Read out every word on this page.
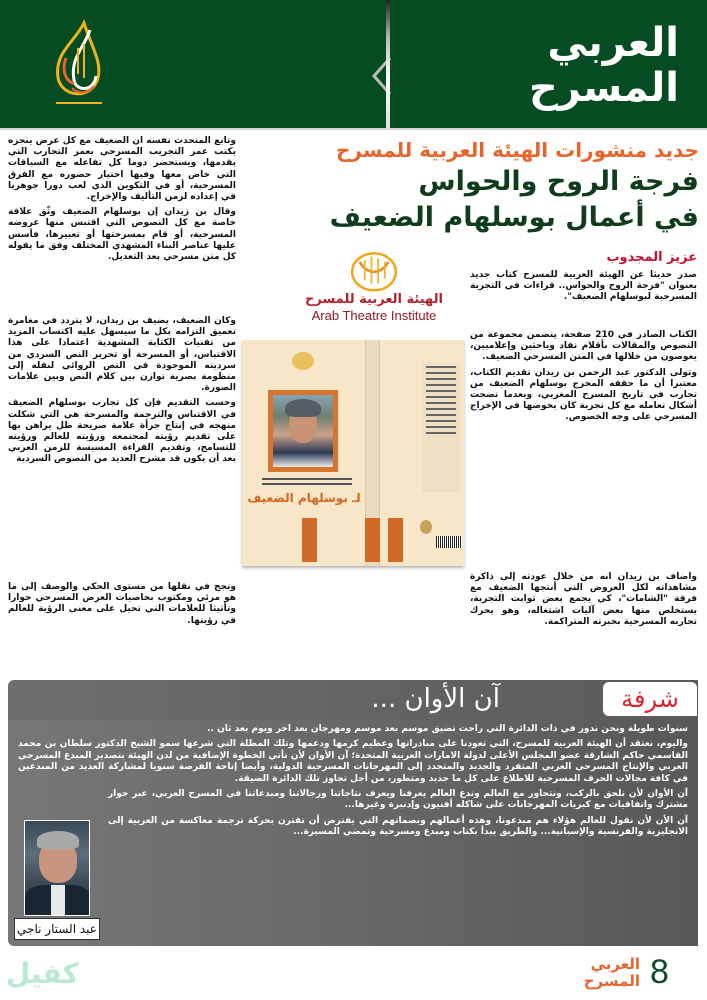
العربي
المسرح
جديد منشورات الهيئة العربية للمسرح
فرجة الروح والحواس
في أعمال بوسلهام الضعيف
عزيز المجدوب

صدر حديثا عن الهيئة العربية للمسرح كتاب جديد بعنوان "فرجة الروح والحواس.. قراءات في التجربة المسرحية لبوسلهام الضعيف".

الكتاب الصادر في 210 صفحة، يتضمن مجموعة من النصوص والمقالات بأقلام نقاد وباحثين وإعلاميين، يغوصون من خلالها في المتن المسرحي الضعيف.

وتولى الدكتور عبد الرحمن بن زيدان تقديم الكتاب، معتبرا أن ما حققه المخرج بوسلهام الضعيف من تجارب في تاريخ المسرح المغربي، وبعدما نضجت أشكال تعامله مع كل تجربة كان يخوضها في الإخراج المسرحي على وجه الخصوص.

وأضاف بن زيدان أنه من خلال عودته إلى ذاكرة مشاهداته لكل العروض التي أنتجها الضعيف مع فرقة "الشامات"، كي يجمع بعض ثوابت التجربة، يستخلص منها بعض آليات اشتغاله، وهو يحرك تجاربه المسرحية بخبرته المتراكمة.

وتابع المتحدث نفسه أن الضعيف مع كل عرض ينجزه يكتب عمر التجريب المسرحي بعمر التجارب التي يقدمها، ويستحضر دوما كل تفاعله مع السياقات التي خاض معها وفيها اختيار حضوره مع الفرق المسرحية، أو في التكوين الذي لعب دورا جوهريا في إعداده لزمن التأليف والإخراج.

وقال بن زيدان إن بوسلهام الضعيف وثّق علاقة خاصة مع كل النصوص التي اقتبس منها عروضه المسرحية، أو قام بمسرحتها أو تعبيرها، فأسس عليها عناصر البناء المشهدي المختلف وفق ما يقوله كل متن مسرحي بعد التعديل.

وكان الضعيف، يضيف بن زيدان، لا يتردد في مغامرة تعميق التزامه بكل ما سيسهل عليه اكتساب المزيد من تقنيات الكتابة المشهدية اعتمادا على هذا الاقتباس، أو المسرحة أو تحرير النص السردي من سرديته الموجودة في النص الروائي لنقله إلى منظومة بصرية توازن بين كلام النص وبين علامات الصورة.

وحسب التقديم فإن كل تجارب بوسلهام الضعيف في الاقتباس والترجمة والمسرحة هي التي شكلت منهجه في إنتاج جرأة علامة صريحة ظل يراهن بها على تقديم رؤيته لمجتمعه ورؤيته للعالم ورؤيته للتسامح، وتقديم القراءة المسيسة للزمن العربي بعد أن يكون قد مشرح العديد من النصوص السردية

ونجح في نقلها من مستوى الحكي والوصف إلى ما هو مرئي ومكتوب بخاصيات العرض المسرحي حوارا وتأثيثا للعلامات التي تحيل على معنى الرؤية للعالم في رؤيتها.

الهيئة العربية للمسرح
Arab Theatre Institute
لـ بوسلهام الضعيف
شرفة
آن الأوان ...

سنوات طويلة ونحن ندور في ذات الدائرة التي راحت تضيق موسم بعد موسم ومهرجان بعد اخر ويوم بعد ثان ..

واليوم، نعتقد أن الهيئة العربية للمسرح، التي تعودنا على مبادراتها وعظيم كرمها ودعمها وتلك المظلة التي شرعها سمو الشيخ الدكتور سلطان بن محمد القاسمي حاكم الشارقة عضو المجلس الأعلى لدولة الامارات العربية المتحدة؛ آن الأوان لأن تأتي الخطوة الإضافية من لدن الهيئة بتصدير المبدع المسرحي العربي والإنتاج المسرحي العربي المتفرد والجديد والمتجدد إلى المهرجانات المسرحية الدولية، وأيضا إتاحة الفرصة سنويا لمشاركة العديد من المبدعين في كافة مجالات الحرف المسرحية للاطلاع على كل ما جديد ومتطور، من أجل تجاوز تلك الدائرة الضيقة.

آن الأوان لأن نلحق بالركب، ونتحاور مع العالم وندع العالم يعرفنا ويعرف نتاجاتنا ورجالاتنا ومبدعاتنا في المسرح العربي، عبر حوار مشترك واتفاقيات مع كبريات المهرجانات على شاكله أفنيون وإدنبرة وغيرها...

آن الأن لأن نقول للعالم هؤلاء هم مبدعونا، وهذه أعمالهم وبصماتهم التي يفترض أن تقترن بحركة ترجمة معاكسة من العربية إلى الانجليزية والفرنسية والإسبانية... والطريق يبدأ بكتاب ومبدع ومسرحية وتمضي المسيرة...

عبد الستار ناجي
العربي
المسرح 8
كفيل
